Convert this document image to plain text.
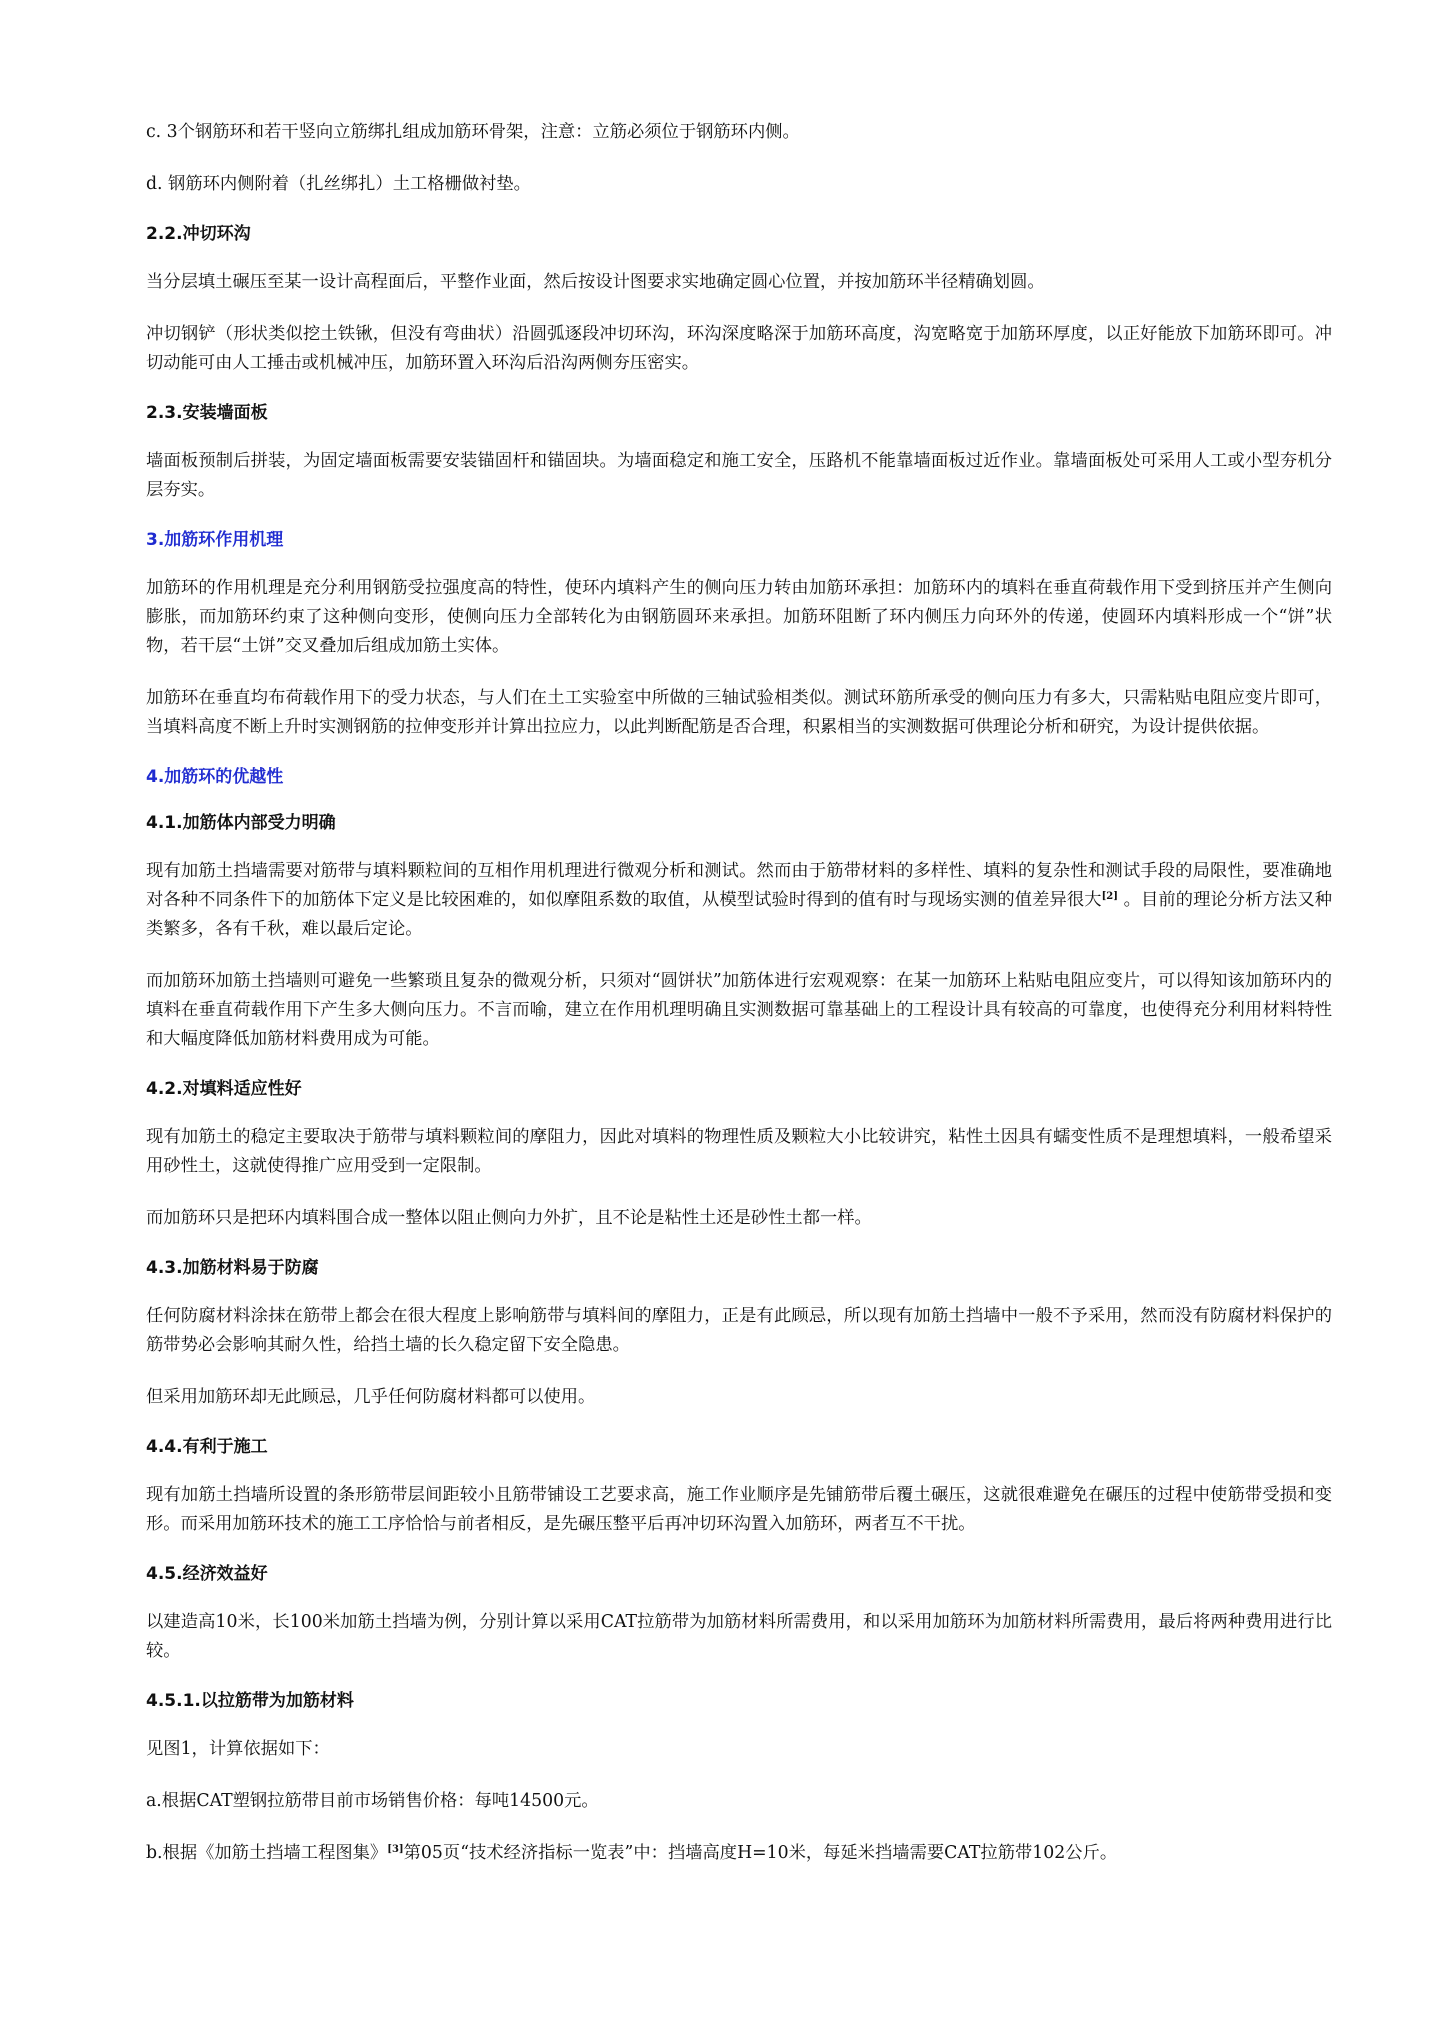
c. 3个钢筋环和若干竖向立筋绑扎组成加筋环骨架，注意：立筋必须位于钢筋环内侧。

d. 钢筋环内侧附着（扎丝绑扎）土工格栅做衬垫。

2.2.冲切环沟

当分层填土碾压至某一设计高程面后，平整作业面，然后按设计图要求实地确定圆心位置，并按加筋环半径精确划圆。

冲切钢铲（形状类似挖土铁锹，但没有弯曲状）沿圆弧逐段冲切环沟，环沟深度略深于加筋环高度，沟宽略宽于加筋环厚度，以正好能放下加筋环即可。冲切动能可由人工捶击或机械冲压，加筋环置入环沟后沿沟两侧夯压密实。

2.3.安装墙面板

墙面板预制后拼装，为固定墙面板需要安装锚固杆和锚固块。为墙面稳定和施工安全，压路机不能靠墙面板过近作业。靠墙面板处可采用人工或小型夯机分层夯实。

3.加筋环作用机理

加筋环的作用机理是充分利用钢筋受拉强度高的特性，使环内填料产生的侧向压力转由加筋环承担：加筋环内的填料在垂直荷载作用下受到挤压并产生侧向膨胀，而加筋环约束了这种侧向变形，使侧向压力全部转化为由钢筋圆环来承担。加筋环阻断了环内侧压力向环外的传递，使圆环内填料形成一个“饼”状物，若干层“土饼”交叉叠加后组成加筋土实体。

加筋环在垂直均布荷载作用下的受力状态，与人们在土工实验室中所做的三轴试验相类似。测试环筋所承受的侧向压力有多大，只需粘贴电阻应变片即可，当填料高度不断上升时实测钢筋的拉伸变形并计算出拉应力，以此判断配筋是否合理，积累相当的实测数据可供理论分析和研究，为设计提供依据。

4.加筋环的优越性
4.1.加筋体内部受力明确

现有加筋土挡墙需要对筋带与填料颗粒间的互相作用机理进行微观分析和测试。然而由于筋带材料的多样性、填料的复杂性和测试手段的局限性，要准确地对各种不同条件下的加筋体下定义是比较困难的，如似摩阻系数的取值，从模型试验时得到的值有时与现场实测的值差异很大[2] 。目前的理论分析方法又种类繁多，各有千秋，难以最后定论。

而加筋环加筋土挡墙则可避免一些繁琐且复杂的微观分析，只须对“圆饼状”加筋体进行宏观观察：在某一加筋环上粘贴电阻应变片，可以得知该加筋环内的填料在垂直荷载作用下产生多大侧向压力。不言而喻，建立在作用机理明确且实测数据可靠基础上的工程设计具有较高的可靠度，也使得充分利用材料特性和大幅度降低加筋材料费用成为可能。

4.2.对填料适应性好

现有加筋土的稳定主要取决于筋带与填料颗粒间的摩阻力，因此对填料的物理性质及颗粒大小比较讲究，粘性土因具有蠕变性质不是理想填料，一般希望采用砂性土，这就使得推广应用受到一定限制。

而加筋环只是把环内填料围合成一整体以阻止侧向力外扩，且不论是粘性土还是砂性土都一样。

4.3.加筋材料易于防腐

任何防腐材料涂抹在筋带上都会在很大程度上影响筋带与填料间的摩阻力，正是有此顾忌，所以现有加筋土挡墙中一般不予采用，然而没有防腐材料保护的筋带势必会影响其耐久性，给挡土墙的长久稳定留下安全隐患。

但采用加筋环却无此顾忌，几乎任何防腐材料都可以使用。

4.4.有利于施工

现有加筋土挡墙所设置的条形筋带层间距较小且筋带铺设工艺要求高，施工作业顺序是先铺筋带后覆土碾压，这就很难避免在碾压的过程中使筋带受损和变形。而采用加筋环技术的施工工序恰恰与前者相反，是先碾压整平后再冲切环沟置入加筋环，两者互不干扰。

4.5.经济效益好

以建造高10米，长100米加筋土挡墙为例，分别计算以采用CAT拉筋带为加筋材料所需费用，和以采用加筋环为加筋材料所需费用，最后将两种费用进行比较。

4.5.1.以拉筋带为加筋材料

见图1，计算依据如下：

a.根据CAT塑钢拉筋带目前市场销售价格：每吨14500元。

b.根据《加筋土挡墙工程图集》[3]第05页“技术经济指标一览表”中：挡墙高度H=10米，每延米挡墙需要CAT拉筋带102公斤。
